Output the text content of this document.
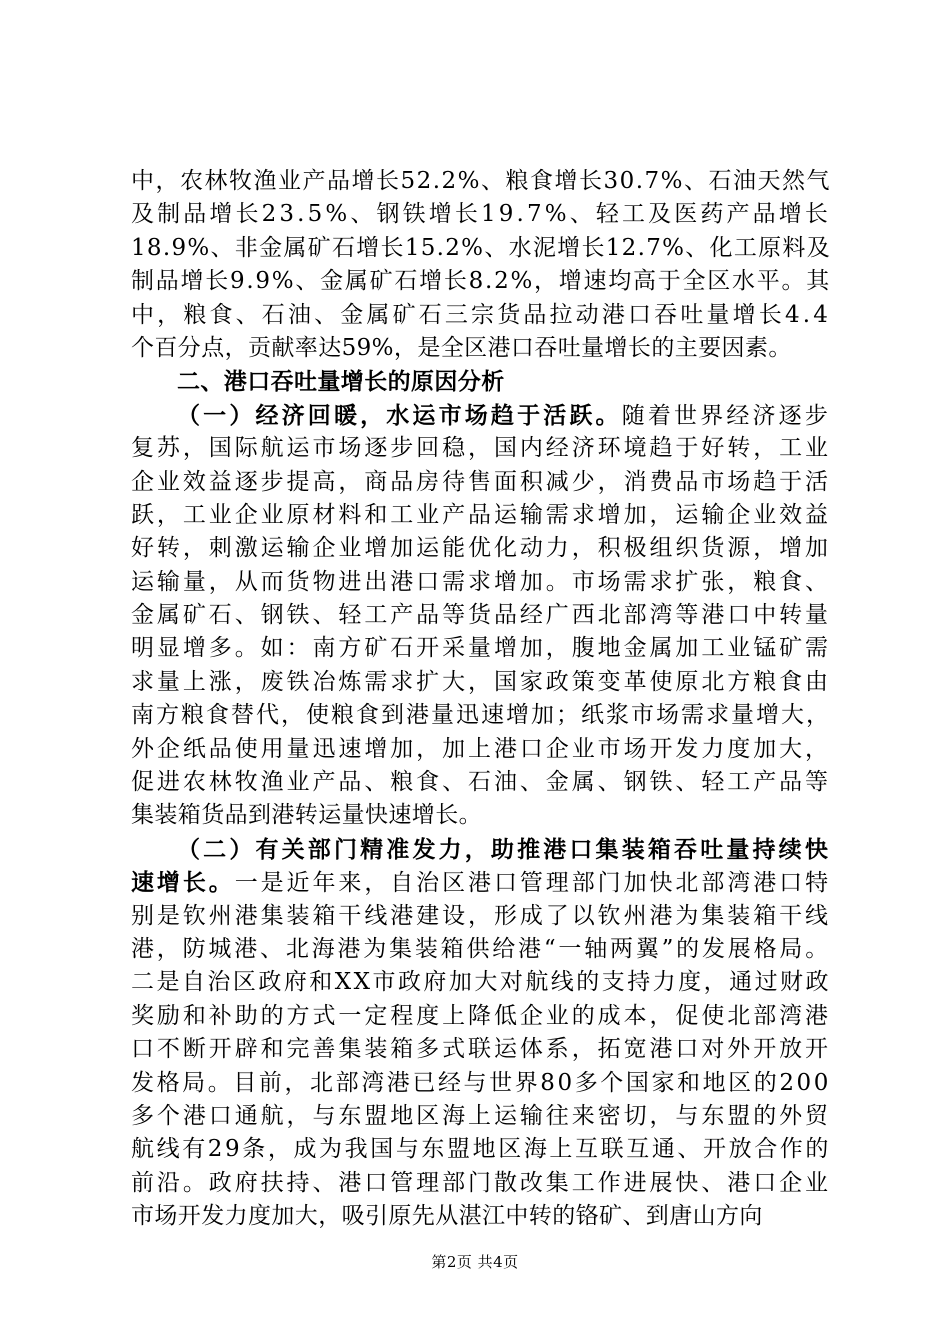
中，农林牧渔业产品增长52.2%、粮食增长30.7%、石油天然气
及制品增长23.5%、钢铁增长19.7%、轻工及医药产品增长
18.9%、非金属矿石增长15.2%、水泥增长12.7%、化工原料及
制品增长9.9%、金属矿石增长8.2%，增速均高于全区水平。其
中，粮食、石油、金属矿石三宗货品拉动港口吞吐量增长4.4
个百分点，贡献率达59%，是全区港口吞吐量增长的主要因素。
二、港口吞吐量增长的原因分析
（一）经济回暖，水运市场趋于活跃。随着世界经济逐步
复苏，国际航运市场逐步回稳，国内经济环境趋于好转，工业
企业效益逐步提高，商品房待售面积减少，消费品市场趋于活
跃，工业企业原材料和工业产品运输需求增加，运输企业效益
好转，刺激运输企业增加运能优化动力，积极组织货源，增加
运输量，从而货物进出港口需求增加。市场需求扩张，粮食、
金属矿石、钢铁、轻工产品等货品经广西北部湾等港口中转量
明显增多。如：南方矿石开采量增加，腹地金属加工业锰矿需
求量上涨，废铁冶炼需求扩大，国家政策变革使原北方粮食由
南方粮食替代，使粮食到港量迅速增加；纸浆市场需求量增大，
外企纸品使用量迅速增加，加上港口企业市场开发力度加大，
促进农林牧渔业产品、粮食、石油、金属、钢铁、轻工产品等
集装箱货品到港转运量快速增长。
（二）有关部门精准发力，助推港口集装箱吞吐量持续快
速增长。一是近年来，自治区港口管理部门加快北部湾港口特
别是钦州港集装箱干线港建设，形成了以钦州港为集装箱干线
港，防城港、北海港为集装箱供给港“一轴两翼”的发展格局。
二是自治区政府和XX市政府加大对航线的支持力度，通过财政
奖励和补助的方式一定程度上降低企业的成本，促使北部湾港
口不断开辟和完善集装箱多式联运体系，拓宽港口对外开放开
发格局。目前，北部湾港已经与世界80多个国家和地区的200
多个港口通航，与东盟地区海上运输往来密切，与东盟的外贸
航线有29条，成为我国与东盟地区海上互联互通、开放合作的
前沿。政府扶持、港口管理部门散改集工作进展快、港口企业
市场开发力度加大，吸引原先从湛江中转的铬矿、到唐山方向
第2页 共4页
